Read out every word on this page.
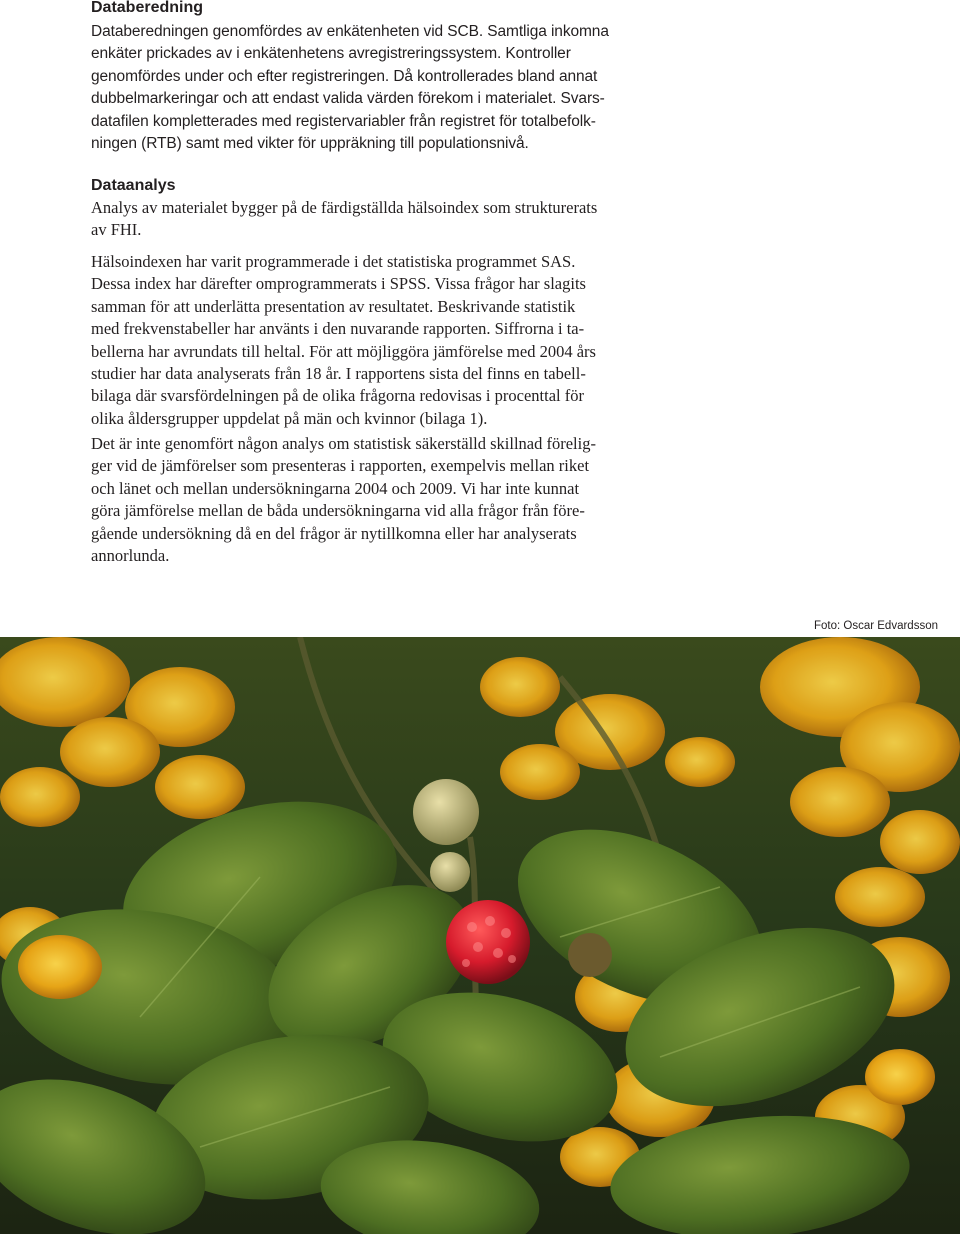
Databeredning
Databeredningen genomfördes av enkätenheten vid SCB. Samtliga inkomna
enkäter prickades av i enkätenhetens avregistreringssystem. Kontroller
genomfördes under och efter registreringen. Då kontrollerades bland annat
dubbelmarkeringar och att endast valida värden förekom i materialet. Svars-
datafilen kompletterades med registervariabler från registret för totalbefolk-
ningen (RTB) samt med vikter för uppräkning till populationsnivå.
Dataanalys
Analys av materialet bygger på de färdigställda hälsoindex som strukturerats
av FHI.
Hälsoindexen har varit programmerade i det statistiska programmet SAS.
Dessa index har därefter omprogrammerats i SPSS. Vissa frågor har slagits
samman för att underlätta presentation av resultatet. Beskrivande statistik
med frekvenstabeller har använts i den nuvarande rapporten. Siffrorna i ta-
bellerna har avrundats till heltal. För att möjliggöra jämförelse med 2004 års
studier har data analyserats från 18 år. I rapportens sista del finns en tabell-
bilaga där svarsfördelningen på de olika frågorna redovisas i procenttal för
olika åldersgrupper uppdelat på män och kvinnor (bilaga 1).
Det är inte genomfört någon analys om statistisk säkerställd skillnad förelig-
ger vid de jämförelser som presenteras i rapporten, exempelvis mellan riket
och länet och mellan undersökningarna 2004 och 2009. Vi har inte kunnat
göra jämförelse mellan de båda undersökningarna vid alla frågor från före-
gående undersökning då en del frågor är nytillkomna eller har analyserats
annorlunda.
Foto: Oscar Edvardsson
